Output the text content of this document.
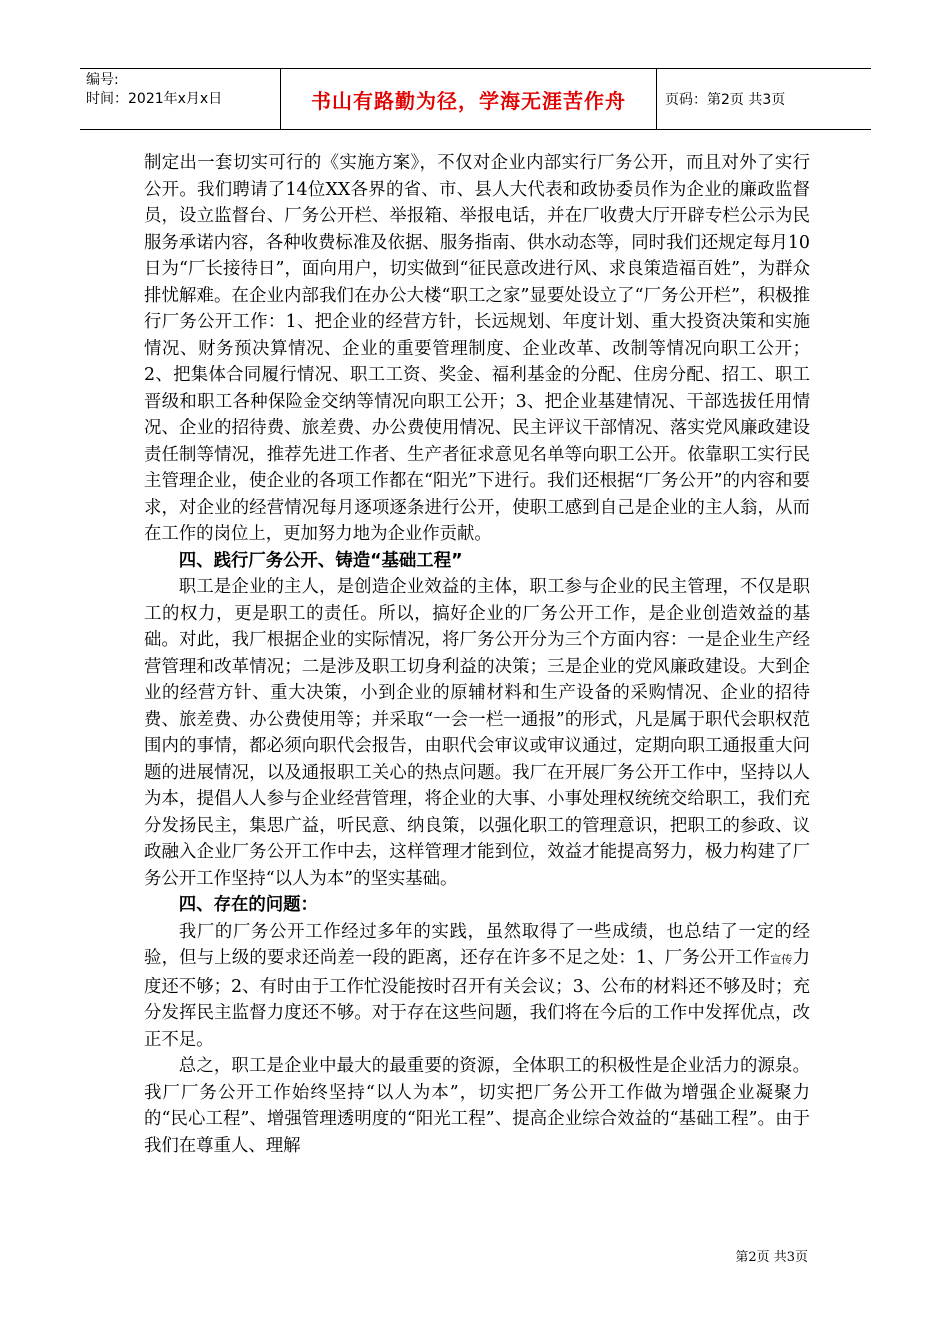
编号:
时间：2021年x月x日	书山有路勤为径，学海无涯苦作舟	页码：第2页 共3页

制定出一套切实可行的《实施方案》，不仅对企业内部实行厂务公开，而且对外了实行公开。我们聘请了14位XX各界的省、市、县人大代表和政协委员作为企业的廉政监督员，设立监督台、厂务公开栏、举报箱、举报电话，并在厂收费大厅开辟专栏公示为民服务承诺内容，各种收费标准及依据、服务指南、供水动态等，同时我们还规定每月10日为“厂长接待日”，面向用户，切实做到“征民意改进行风、求良策造福百姓”，为群众排忧解难。在企业内部我们在办公大楼“职工之家”显要处设立了“厂务公开栏”，积极推行厂务公开工作：1、把企业的经营方针，长远规划、年度计划、重大投资决策和实施情况、财务预决算情况、企业的重要管理制度、企业改革、改制等情况向职工公开；2、把集体合同履行情况、职工工资、奖金、福利基金的分配、住房分配、招工、职工晋级和职工各种保险金交纳等情况向职工公开；3、把企业基建情况、干部选拔任用情况、企业的招待费、旅差费、办公费使用情况、民主评议干部情况、落实党风廉政建设责任制等情况，推荐先进工作者、生产者征求意见名单等向职工公开。依靠职工实行民主管理企业，使企业的各项工作都在“阳光”下进行。我们还根据“厂务公开”的内容和要求，对企业的经营情况每月逐项逐条进行公开，使职工感到自己是企业的主人翁，从而在工作的岗位上，更加努力地为企业作贡献。

四、践行厂务公开、铸造“基础工程”

职工是企业的主人，是创造企业效益的主体，职工参与企业的民主管理，不仅是职工的权力，更是职工的责任。所以，搞好企业的厂务公开工作，是企业创造效益的基础。对此，我厂根据企业的实际情况，将厂务公开分为三个方面内容：一是企业生产经营管理和改革情况；二是涉及职工切身利益的决策；三是企业的党风廉政建设。大到企业的经营方针、重大决策，小到企业的原辅材料和生产设备的采购情况、企业的招待费、旅差费、办公费使用等；并采取“一会一栏一通报”的形式，凡是属于职代会职权范围内的事情，都必须向职代会报告，由职代会审议或审议通过，定期向职工通报重大问题的进展情况，以及通报职工关心的热点问题。我厂在开展厂务公开工作中，坚持以人为本，提倡人人参与企业经营管理，将企业的大事、小事处理权统统交给职工，我们充分发扬民主，集思广益，听民意、纳良策，以强化职工的管理意识，把职工的参政、议政融入企业厂务公开工作中去，这样管理才能到位，效益才能提高努力，极力构建了厂务公开工作坚持“以人为本”的坚实基础。

四、存在的问题：

我厂的厂务公开工作经过多年的实践，虽然取得了一些成绩，也总结了一定的经验，但与上级的要求还尚差一段的距离，还存在许多不足之处：1、厂务公开工作宣传力度还不够；2、有时由于工作忙没能按时召开有关会议；3、公布的材料还不够及时；充分发挥民主监督力度还不够。对于存在这些问题，我们将在今后的工作中发挥优点，改正不足。

总之，职工是企业中最大的最重要的资源，全体职工的积极性是企业活力的源泉。我厂厂务公开工作始终坚持“以人为本”，切实把厂务公开工作做为增强企业凝聚力的“民心工程”、增强管理透明度的“阳光工程”、提高企业综合效益的“基础工程”。由于我们在尊重人、理解

第2页 共3页
